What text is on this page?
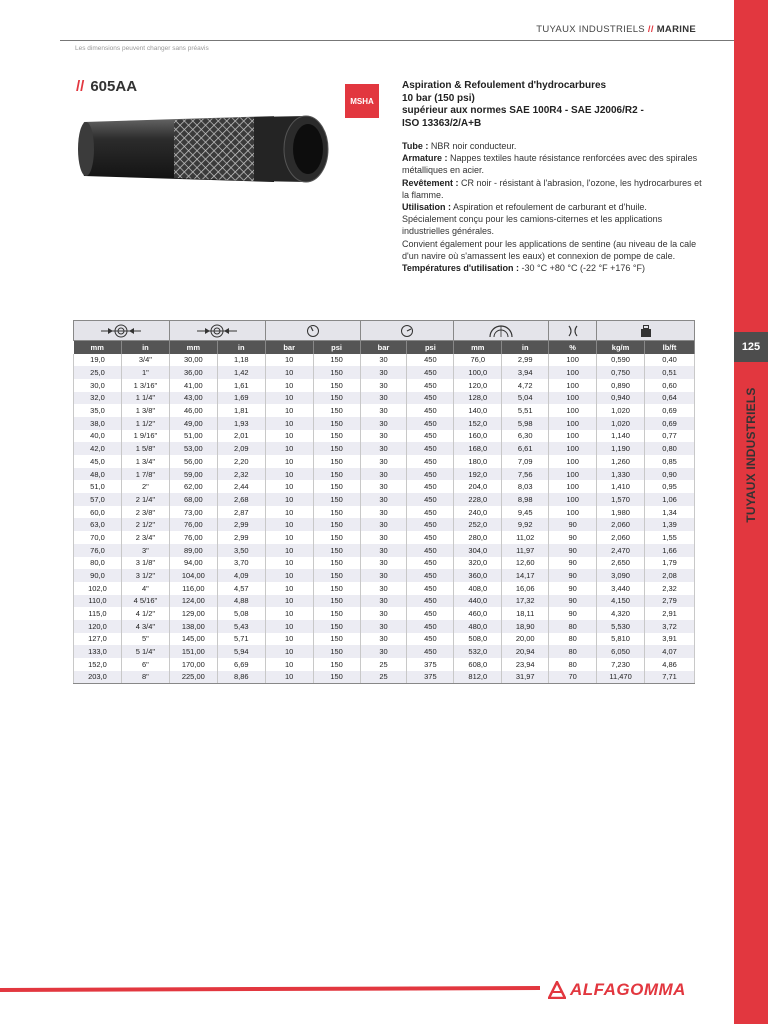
125
TUYAUX INDUSTRIELS
TUYAUX INDUSTRIELS // MARINE
Les dimensions peuvent changer sans préavis
// 605AA
MSHA
Aspiration & Refoulement d'hydrocarbures
10 bar (150 psi)
supérieur aux normes SAE 100R4 - SAE J2006/R2 -
ISO 13363/2/A+B
Tube : NBR noir conducteur.
Armature : Nappes textiles haute résistance renforcées avec des spirales métalliques en acier.
Revêtement : CR noir - résistant à l'abrasion, l'ozone, les hydrocarbures et la flamme.
Utilisation : Aspiration et refoulement de carburant et d'huile. Spécialement conçu pour les camions-citernes et les applications industrielles générales.
Convient également pour les applications de sentine (au niveau de la cale d'un navire où s'amassent les eaux) et connexion de pompe de cale.
Températures d'utilisation : -30 °C +80 °C (-22 °F +176 °F)

mm	in	mm	in	bar	psi	bar	psi	mm	in	%	kg/m	lb/ft
19,0	3/4"	30,00	1,18	10	150	30	450	76,0	2,99	100	0,590	0,40
25,0	1"	36,00	1,42	10	150	30	450	100,0	3,94	100	0,750	0,51
30,0	1 3/16"	41,00	1,61	10	150	30	450	120,0	4,72	100	0,890	0,60
32,0	1 1/4"	43,00	1,69	10	150	30	450	128,0	5,04	100	0,940	0,64
35,0	1 3/8"	46,00	1,81	10	150	30	450	140,0	5,51	100	1,020	0,69
38,0	1 1/2"	49,00	1,93	10	150	30	450	152,0	5,98	100	1,020	0,69
40,0	1 9/16"	51,00	2,01	10	150	30	450	160,0	6,30	100	1,140	0,77
42,0	1 5/8"	53,00	2,09	10	150	30	450	168,0	6,61	100	1,190	0,80
45,0	1 3/4"	56,00	2,20	10	150	30	450	180,0	7,09	100	1,260	0,85
48,0	1 7/8"	59,00	2,32	10	150	30	450	192,0	7,56	100	1,330	0,90
51,0	2"	62,00	2,44	10	150	30	450	204,0	8,03	100	1,410	0,95
57,0	2 1/4"	68,00	2,68	10	150	30	450	228,0	8,98	100	1,570	1,06
60,0	2 3/8"	73,00	2,87	10	150	30	450	240,0	9,45	100	1,980	1,34
63,0	2 1/2"	76,00	2,99	10	150	30	450	252,0	9,92	90	2,060	1,39
70,0	2 3/4"	76,00	2,99	10	150	30	450	280,0	11,02	90	2,060	1,55
76,0	3"	89,00	3,50	10	150	30	450	304,0	11,97	90	2,470	1,66
80,0	3 1/8"	94,00	3,70	10	150	30	450	320,0	12,60	90	2,650	1,79
90,0	3 1/2"	104,00	4,09	10	150	30	450	360,0	14,17	90	3,090	2,08
102,0	4"	116,00	4,57	10	150	30	450	408,0	16,06	90	3,440	2,32
110,0	4 5/16"	124,00	4,88	10	150	30	450	440,0	17,32	90	4,150	2,79
115,0	4 1/2"	129,00	5,08	10	150	30	450	460,0	18,11	90	4,320	2,91
120,0	4 3/4"	138,00	5,43	10	150	30	450	480,0	18,90	80	5,530	3,72
127,0	5"	145,00	5,71	10	150	30	450	508,0	20,00	80	5,810	3,91
133,0	5 1/4"	151,00	5,94	10	150	30	450	532,0	20,94	80	6,050	4,07
152,0	6"	170,00	6,69	10	150	25	375	608,0	23,94	80	7,230	4,86
203,0	8"	225,00	8,86	10	150	25	375	812,0	31,97	70	11,470	7,71
ALFAGOMMA
